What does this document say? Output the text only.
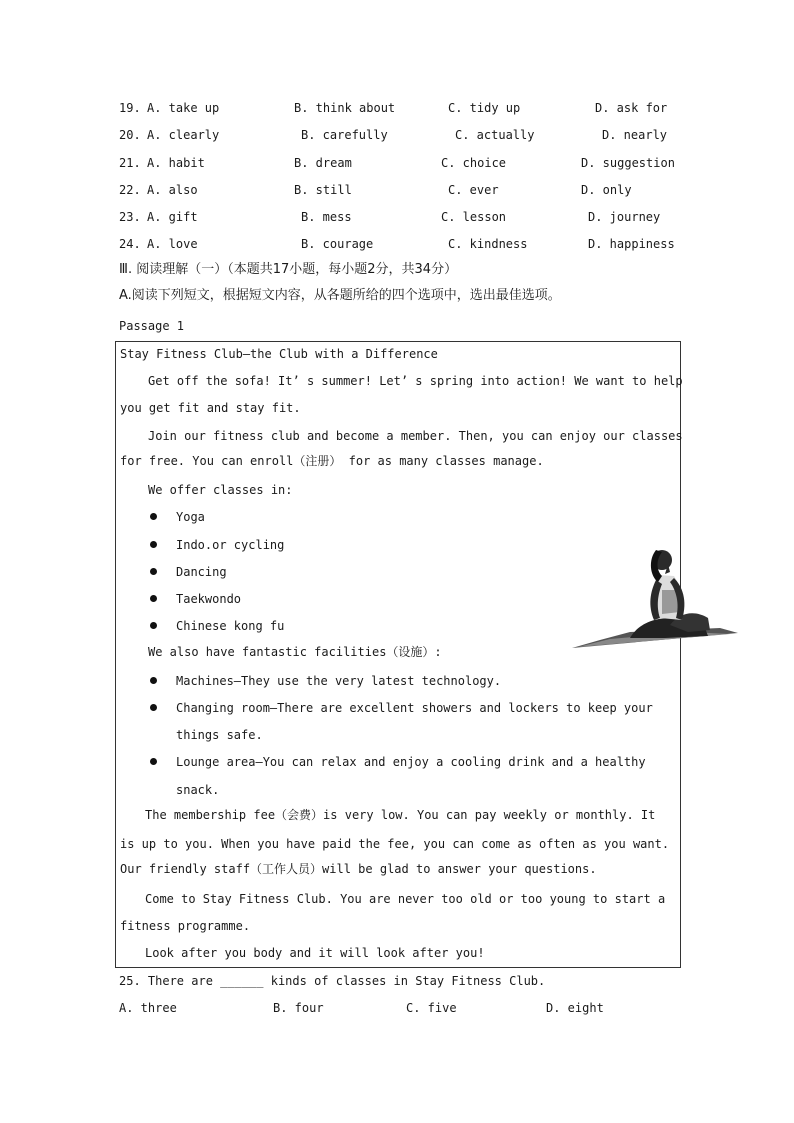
19. A. take up	B. think about	C. tidy up	D. ask for
20. A. clearly	B. carefully	C. actually	D. nearly
21. A. habit	B. dream	C. choice	D. suggestion
22. A. also	B. still	C. ever	D. only
23. A. gift	B. mess	C. lesson	D. journey
24. A. love	B. courage	C. kindness	D. happiness
Ⅲ. 阅读理解（一）（本题共17小题，每小题2分，共34分）
A.阅读下列短文，根据短文内容，从各题所给的四个选项中，选出最佳选项。
Passage 1
Stay Fitness Club—the Club with a Difference
Get off the sofa! It’ s summer! Let’ s spring into action! We want to help
you get fit and stay fit.
Join our fitness club and become a member. Then, you can enjoy our classes
for free. You can enroll（注册） for as many classes manage.
We offer classes in:
Yoga
Indo.or cycling
Dancing
Taekwondo
Chinese kong fu
We also have fantastic facilities（设施）:
Machines—They use the very latest technology.
Changing room—There are excellent showers and lockers to keep your
things safe.
Lounge area—You can relax and enjoy a cooling drink and a healthy
snack.
The membership fee（会费）is very low. You can pay weekly or monthly. It
is up to you. When you have paid the fee, you can come as often as you want.
Our friendly staff（工作人员）will be glad to answer your questions.
Come to Stay Fitness Club. You are never too old or too young to start a
fitness programme.
Look after you body and it will look after you!
25. There are ______ kinds of classes in Stay Fitness Club.
A. three	B. four	C. five	D. eight
